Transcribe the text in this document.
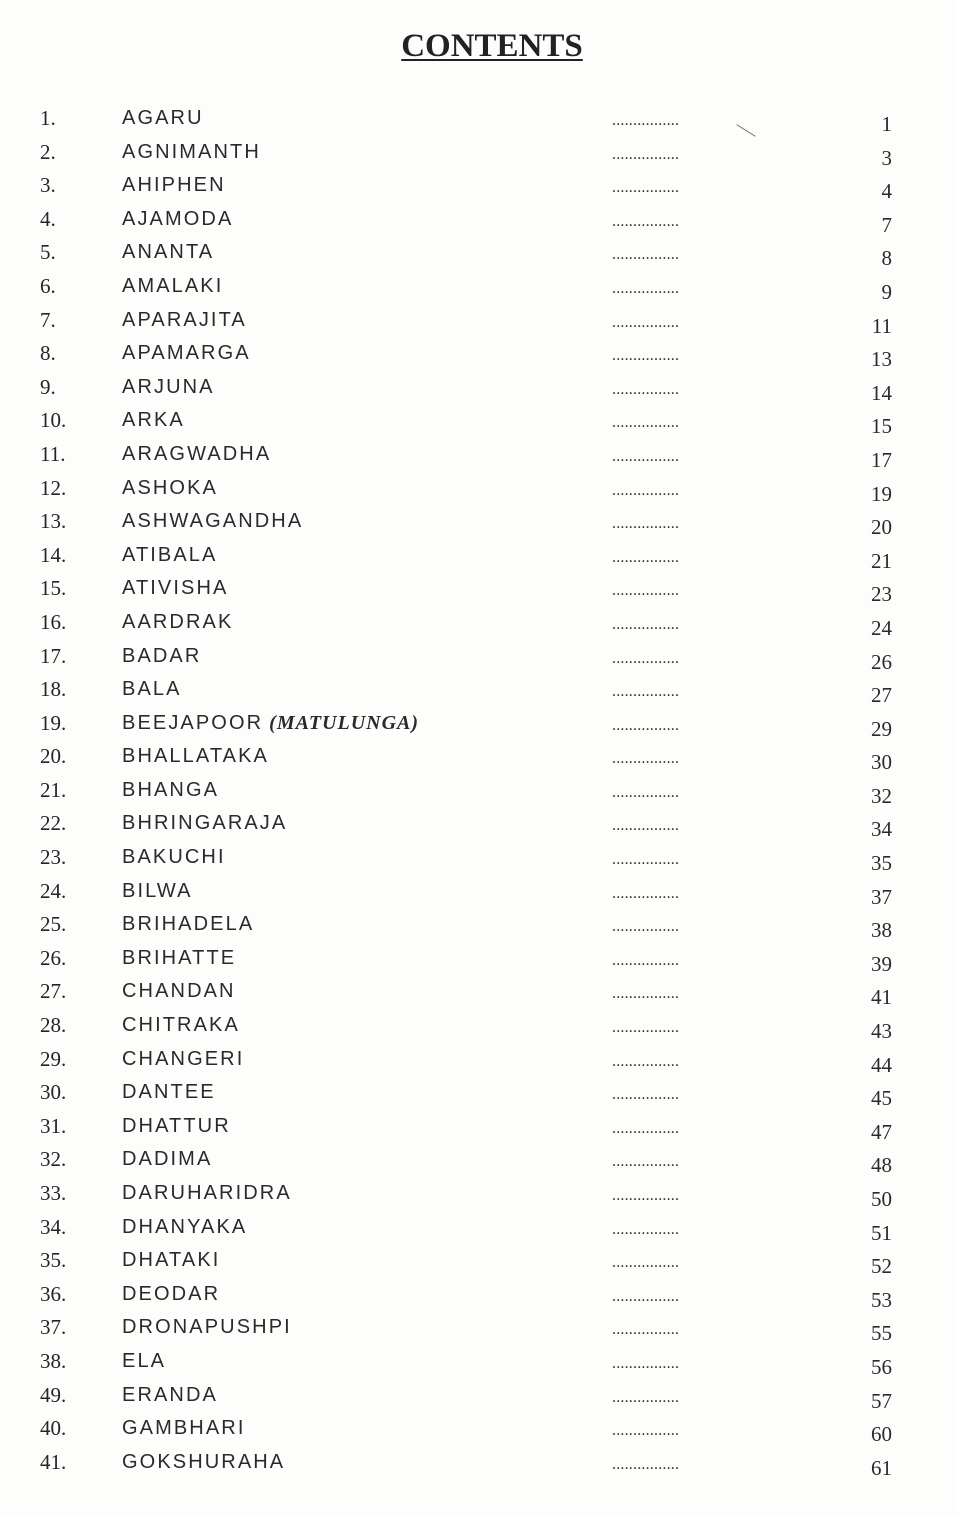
CONTENTS
1.	AGARU	................	1
2.	AGNIMANTH	................	3
3.	AHIPHEN	................	4
4.	AJAMODA	................	7
5.	ANANTA	................	8
6.	AMALAKI	................	9
7.	APARAJITA	................	11
8.	APAMARGA	................	13
9.	ARJUNA	................	14
10.	ARKA	................	15
11.	ARAGWADHA	................	17
12.	ASHOKA	................	19
13.	ASHWAGANDHA	................	20
14.	ATIBALA	................	21
15.	ATIVISHA	................	23
16.	AARDRAK	................	24
17.	BADAR	................	26
18.	BALA	................	27
19.	BEEJAPOOR (MATULUNGA)	................	29
20.	BHALLATAKA	................	30
21.	BHANGA	................	32
22.	BHRINGARAJA	................	34
23.	BAKUCHI	................	35
24.	BILWA	................	37
25.	BRIHADELA	................	38
26.	BRIHATTE	................	39
27.	CHANDAN	................	41
28.	CHITRAKA	................	43
29.	CHANGERI	................	44
30.	DANTEE	................	45
31.	DHATTUR	................	47
32.	DADIMA	................	48
33.	DARUHARIDRA	................	50
34.	DHANYAKA	................	51
35.	DHATAKI	................	52
36.	DEODAR	................	53
37.	DRONAPUSHPI	................	55
38.	ELA	................	56
49.	ERANDA	................	57
40.	GAMBHARI	................	60
41.	GOKSHURAHA	................	61
